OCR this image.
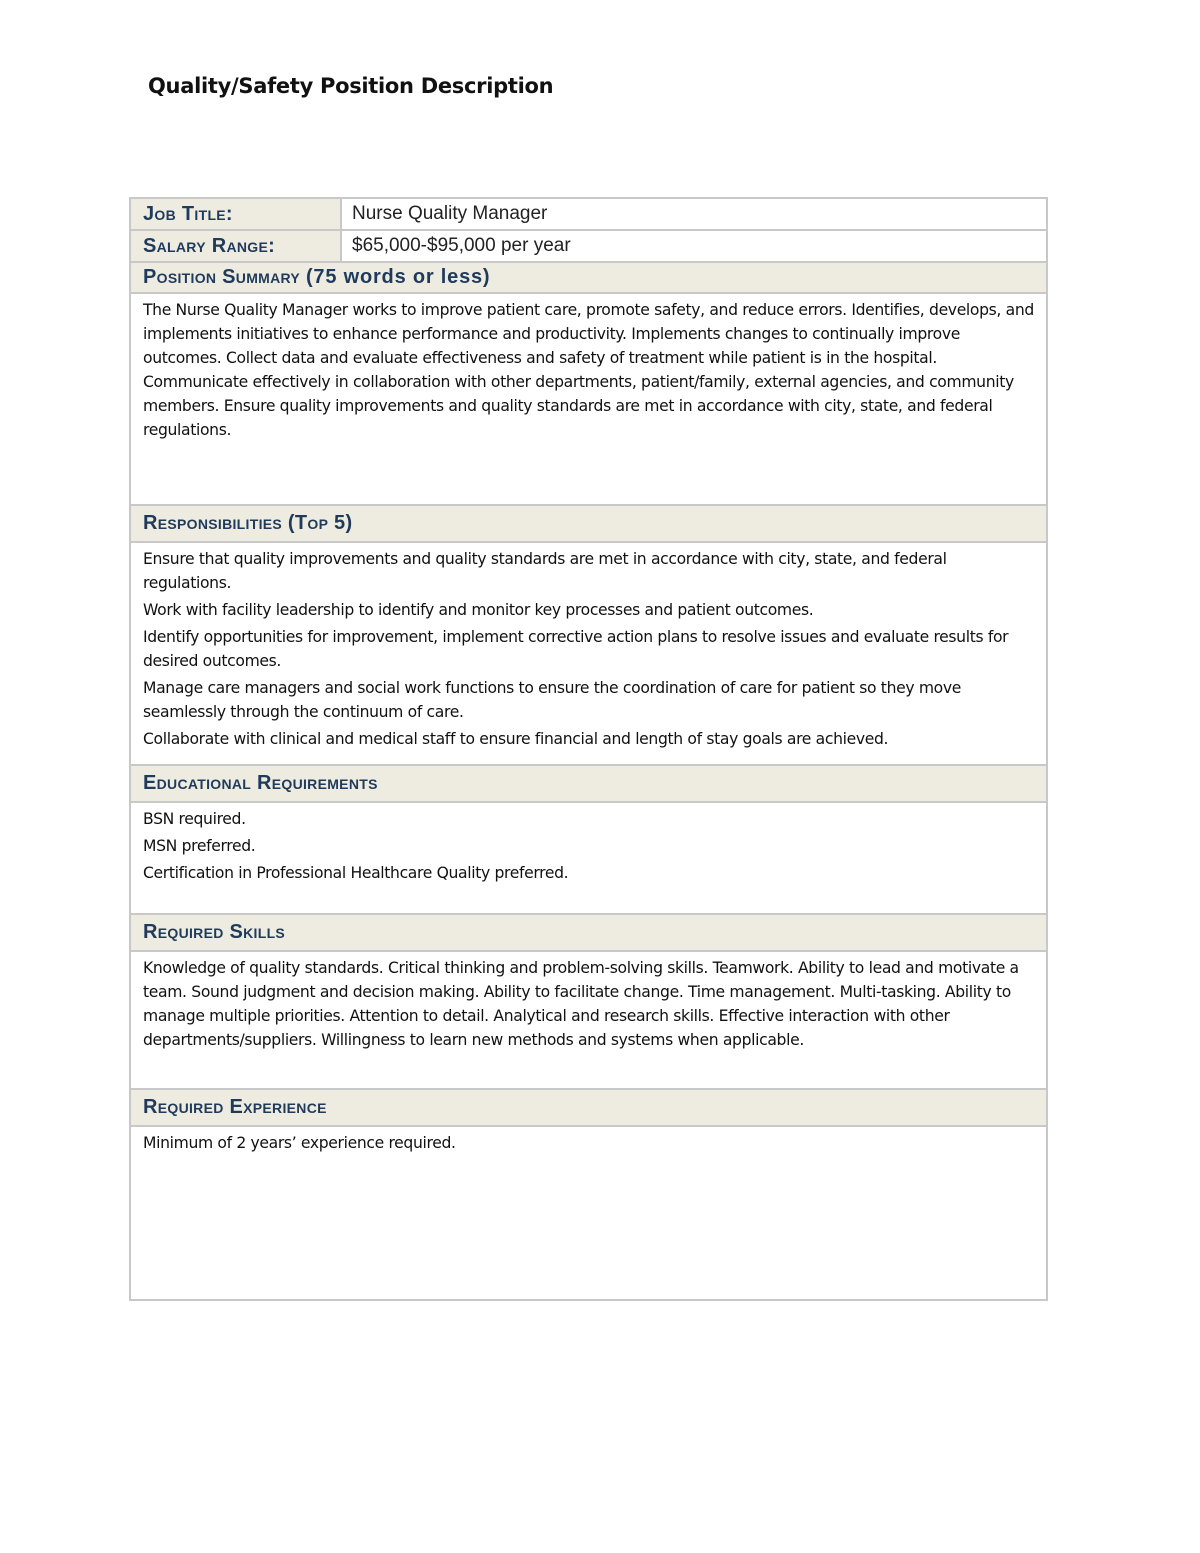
Quality/Safety Position Description
Job Title:	Nurse Quality Manager
Salary Range:	$65,000-$95,000 per year
Position Summary
(75 words or less)
The Nurse Quality Manager works to improve patient care, promote safety, and reduce errors. Identifies, develops, and implements initiatives to enhance performance and productivity. Implements changes to continually improve outcomes. Collect data and evaluate effectiveness and safety of treatment while patient is in the hospital. Communicate effectively in collaboration with other departments, patient/family, external agencies, and community members. Ensure quality improvements and quality standards are met in accordance with city, state, and federal regulations.
Responsibilities (Top 5)
Ensure that quality improvements and quality standards are met in accordance with city, state, and federal regulations.
Work with facility leadership to identify and monitor key processes and patient outcomes.
Identify opportunities for improvement, implement corrective action plans to resolve issues and evaluate results for desired outcomes.
Manage care managers and social work functions to ensure the coordination of care for patient so they move seamlessly through the continuum of care.
Collaborate with clinical and medical staff to ensure financial and length of stay goals are achieved.
Educational Requirements
BSN required.
MSN preferred.
Certification in Professional Healthcare Quality preferred.
Required Skills
Knowledge of quality standards. Critical thinking and problem-solving skills. Teamwork. Ability to lead and motivate a team. Sound judgment and decision making. Ability to facilitate change. Time management. Multi-tasking. Ability to manage multiple priorities. Attention to detail. Analytical and research skills. Effective interaction with other departments/suppliers. Willingness to learn new methods and systems when applicable.
Required Experience
Minimum of 2 years’ experience required.
